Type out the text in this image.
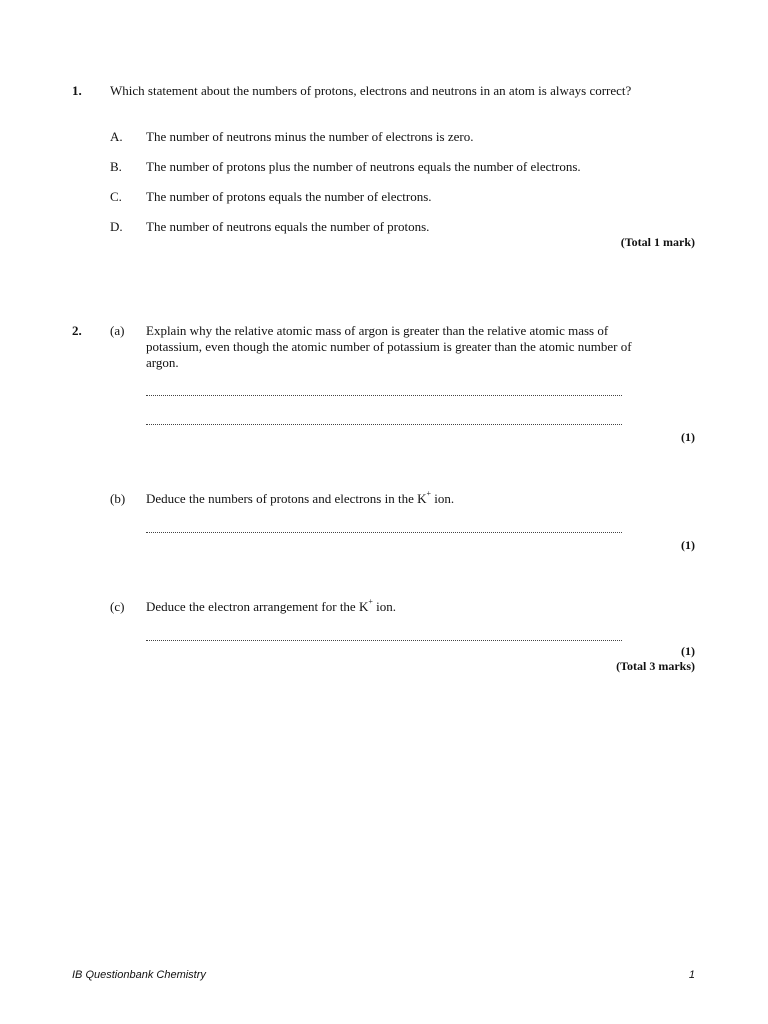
1. Which statement about the numbers of protons, electrons and neutrons in an atom is always correct?
A. The number of neutrons minus the number of electrons is zero.
B. The number of protons plus the number of neutrons equals the number of electrons.
C. The number of protons equals the number of electrons.
D. The number of neutrons equals the number of protons.
(Total 1 mark)
2. (a) Explain why the relative atomic mass of argon is greater than the relative atomic mass of potassium, even though the atomic number of potassium is greater than the atomic number of argon.
(1)
(b) Deduce the numbers of protons and electrons in the K+ ion.
(1)
(c) Deduce the electron arrangement for the K+ ion.
(1)
(Total 3 marks)
IB Questionbank Chemistry	1
